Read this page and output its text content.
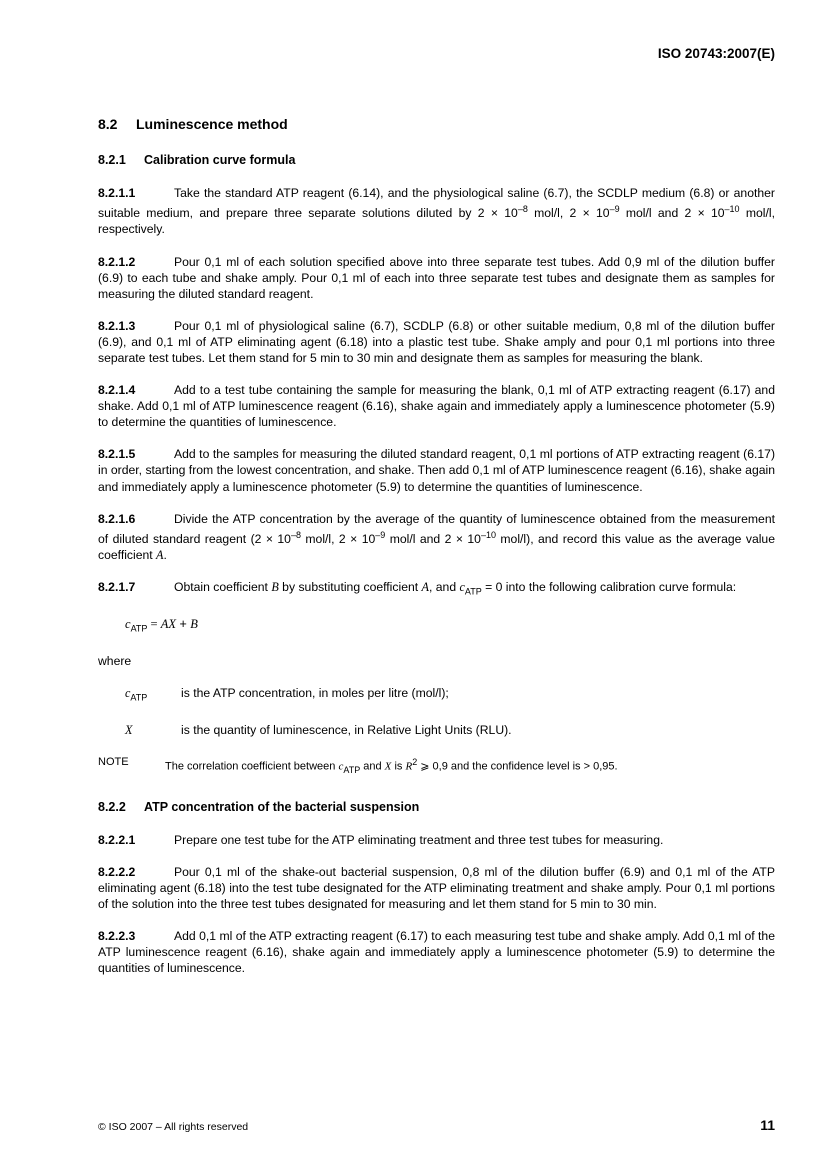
ISO 20743:2007(E)
8.2 Luminescence method
8.2.1 Calibration curve formula

8.2.1.1	Take the standard ATP reagent (6.14), and the physiological saline (6.7), the SCDLP medium (6.8) or another suitable medium, and prepare three separate solutions diluted by $2 \times 10^{-8}$ mol/l, $2 \times 10^{-9}$ mol/l and $2 \times 10^{-10}$ mol/l, respectively.

8.2.1.2	Pour 0,1 ml of each solution specified above into three separate test tubes. Add 0,9 ml of the dilution buffer (6.9) to each tube and shake amply. Pour 0,1 ml of each into three separate test tubes and designate them as samples for measuring the diluted standard reagent.

8.2.1.3	Pour 0,1 ml of physiological saline (6.7), SCDLP (6.8) or other suitable medium, 0,8 ml of the dilution buffer (6.9), and 0,1 ml of ATP eliminating agent (6.18) into a plastic test tube. Shake amply and pour 0,1 ml portions into three separate test tubes. Let them stand for 5 min to 30 min and designate them as samples for measuring the blank.

8.2.1.4	Add to a test tube containing the sample for measuring the blank, 0,1 ml of ATP extracting reagent (6.17) and shake. Add 0,1 ml of ATP luminescence reagent (6.16), shake again and immediately apply a luminescence photometer (5.9) to determine the quantities of luminescence.

8.2.1.5	Add to the samples for measuring the diluted standard reagent, 0,1 ml portions of ATP extracting reagent (6.17) in order, starting from the lowest concentration, and shake. Then add 0,1 ml of ATP luminescence reagent (6.16), shake again and immediately apply a luminescence photometer (5.9) to determine the quantities of luminescence.

8.2.1.6	Divide the ATP concentration by the average of the quantity of luminescence obtained from the measurement of diluted standard reagent ($2 \times 10^{-8}$ mol/l, $2 \times 10^{-9}$ mol/l and $2 \times 10^{-10}$ mol/l), and record this value as the average value coefficient A.

8.2.1.7	Obtain coefficient B by substituting coefficient A, and $c_{ATP} = 0$ into the following calibration curve formula:

$c_{ATP}$ = AX + B
where
$c_{ATP}$	is the ATP concentration, in moles per litre (mol/l);
X	is the quantity of luminescence, in Relative Light Units (RLU).
NOTE	The correlation coefficient between $c_{ATP}$ and X is $R^2$ ⩾ 0,9 and the confidence level is > 0,95.
8.2.2 ATP concentration of the bacterial suspension

8.2.2.1	Prepare one test tube for the ATP eliminating treatment and three test tubes for measuring.

8.2.2.2	Pour 0,1 ml of the shake-out bacterial suspension, 0,8 ml of the dilution buffer (6.9) and 0,1 ml of the ATP eliminating agent (6.18) into the test tube designated for the ATP eliminating treatment and shake amply. Pour 0,1 ml portions of the solution into the three test tubes designated for measuring and let them stand for 5 min to 30 min.

8.2.2.3	Add 0,1 ml of the ATP extracting reagent (6.17) to each measuring test tube and shake amply. Add 0,1 ml of the ATP luminescence reagent (6.16), shake again and immediately apply a luminescence photometer (5.9) to determine the quantities of luminescence.

© ISO 2007 – All rights reserved	11
